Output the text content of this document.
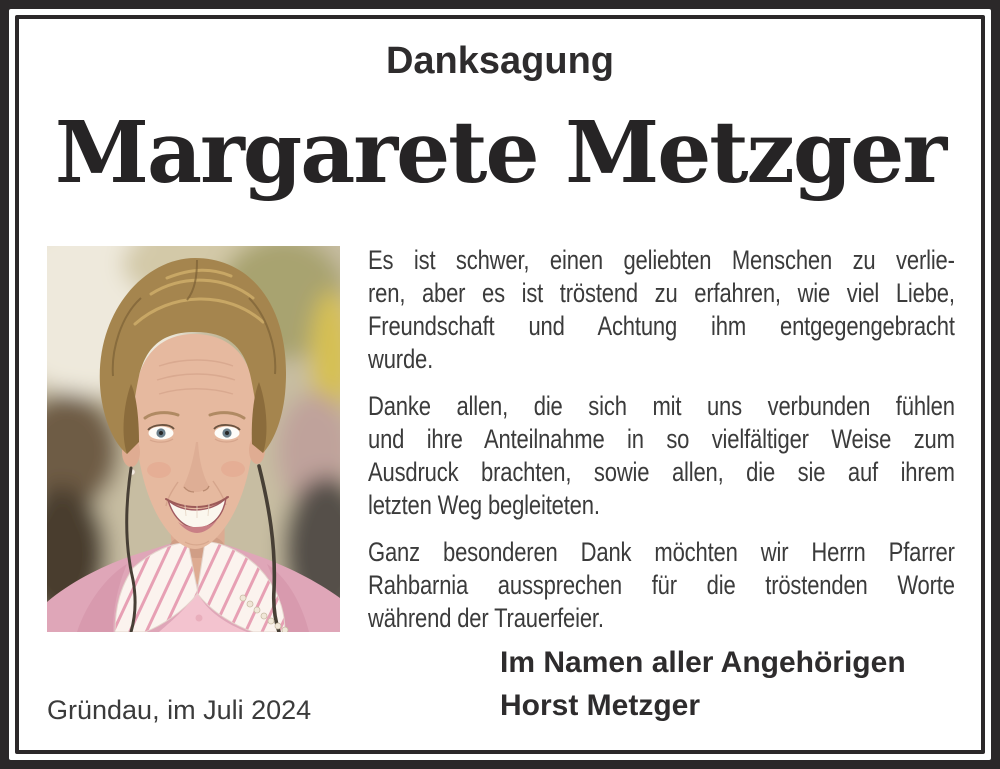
Danksagung
Margarete Metzger
Es ist schwer, einen geliebten Menschen zu verlie-
ren, aber es ist tröstend zu erfahren, wie viel Liebe,
Freundschaft und Achtung ihm entgegengebracht
wurde.
Danke allen, die sich mit uns verbunden fühlen
und ihre Anteilnahme in so vielfältiger Weise zum
Ausdruck brachten, sowie allen, die sie auf ihrem
letzten Weg begleiteten.
Ganz besonderen Dank möchten wir Herrn Pfarrer
Rahbarnia aussprechen für die tröstenden Worte
während der Trauerfeier.
Im Namen aller Angehörigen
Horst Metzger
Gründau, im Juli 2024
